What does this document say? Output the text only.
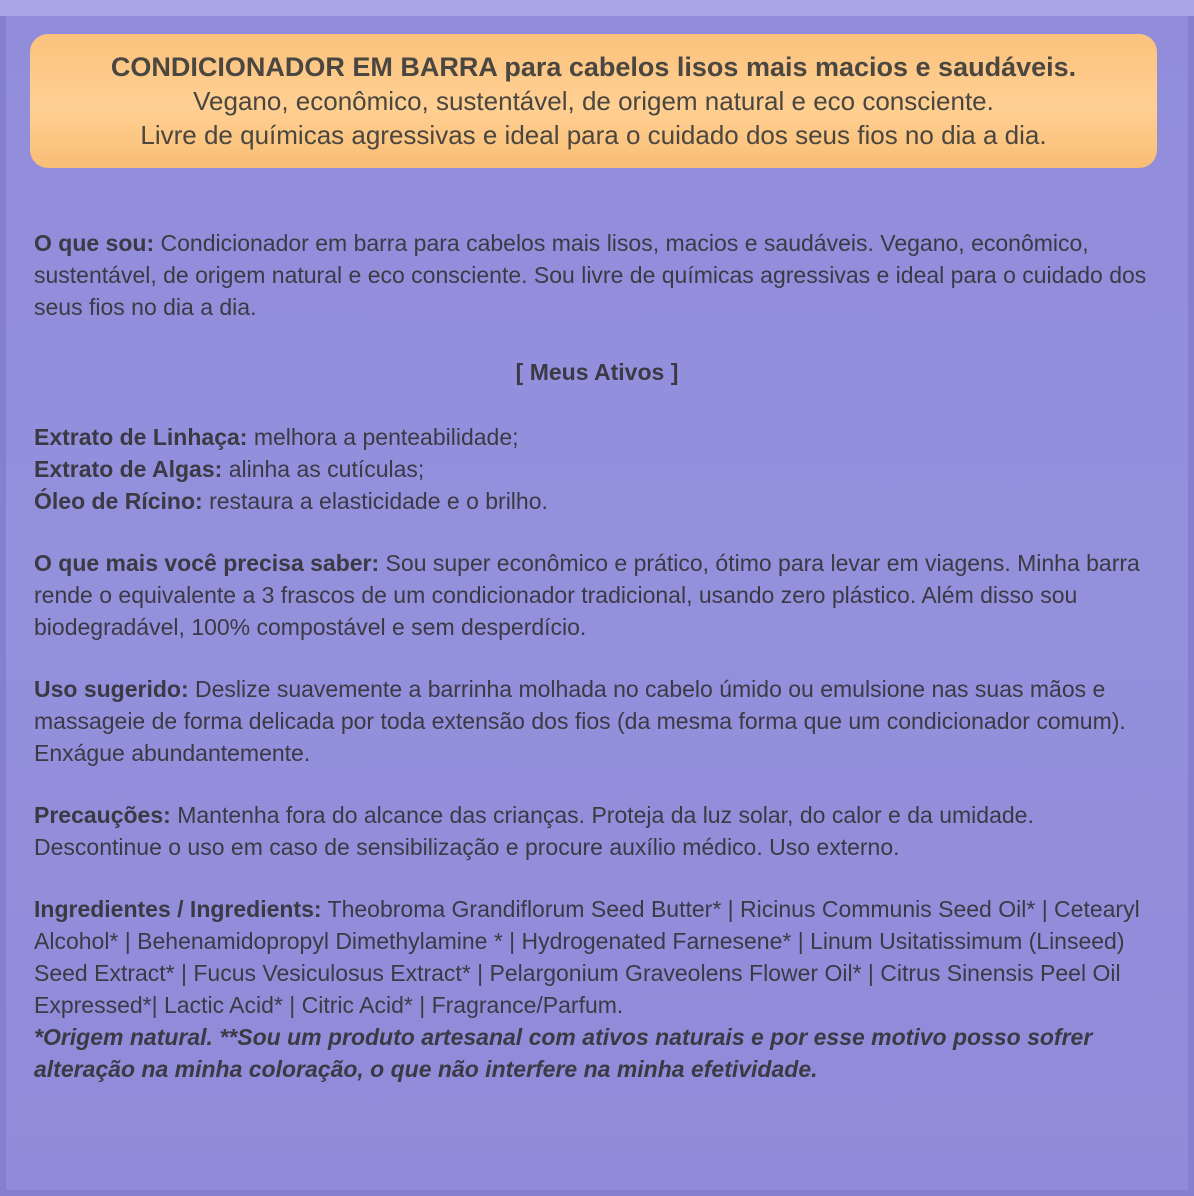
CONDICIONADOR EM BARRA para cabelos lisos mais macios e saudáveis.
Vegano, econômico, sustentável, de origem natural e eco consciente.
Livre de químicas agressivas e ideal para o cuidado dos seus fios no dia a dia.

O que sou: Condicionador em barra para cabelos mais lisos, macios e saudáveis. Vegano, econômico, sustentável, de origem natural e eco consciente. Sou livre de químicas agressivas e ideal para o cuidado dos seus fios no dia a dia.

[ Meus Ativos ]

Extrato de Linhaça: melhora a penteabilidade;

Extrato de Algas: alinha as cutículas;

Óleo de Rícino: restaura a elasticidade e o brilho.

O que mais você precisa saber: Sou super econômico e prático, ótimo para levar em viagens. Minha barra rende o equivalente a 3 frascos de um condicionador tradicional, usando zero plástico. Além disso sou biodegradável, 100% compostável e sem desperdício.

Uso sugerido: Deslize suavemente a barrinha molhada no cabelo úmido ou emulsione nas suas mãos e massageie de forma delicada por toda extensão dos fios (da mesma forma que um condicionador comum). Enxágue abundantemente.

Precauções: Mantenha fora do alcance das crianças. Proteja da luz solar, do calor e da umidade. Descontinue o uso em caso de sensibilização e procure auxílio médico. Uso externo.

Ingredientes / Ingredients: Theobroma Grandiflorum Seed Butter* | Ricinus Communis Seed Oil* | Cetearyl Alcohol* | Behenamidopropyl Dimethylamine * | Hydrogenated Farnesene* | Linum Usitatissimum (Linseed) Seed Extract* | Fucus Vesiculosus Extract* | Pelargonium Graveolens Flower Oil* | Citrus Sinensis Peel Oil Expressed*| Lactic Acid* | Citric Acid* | Fragrance/Parfum.

*Origem natural. **Sou um produto artesanal com ativos naturais e por esse motivo posso sofrer alteração na minha coloração, o que não interfere na minha efetividade.
